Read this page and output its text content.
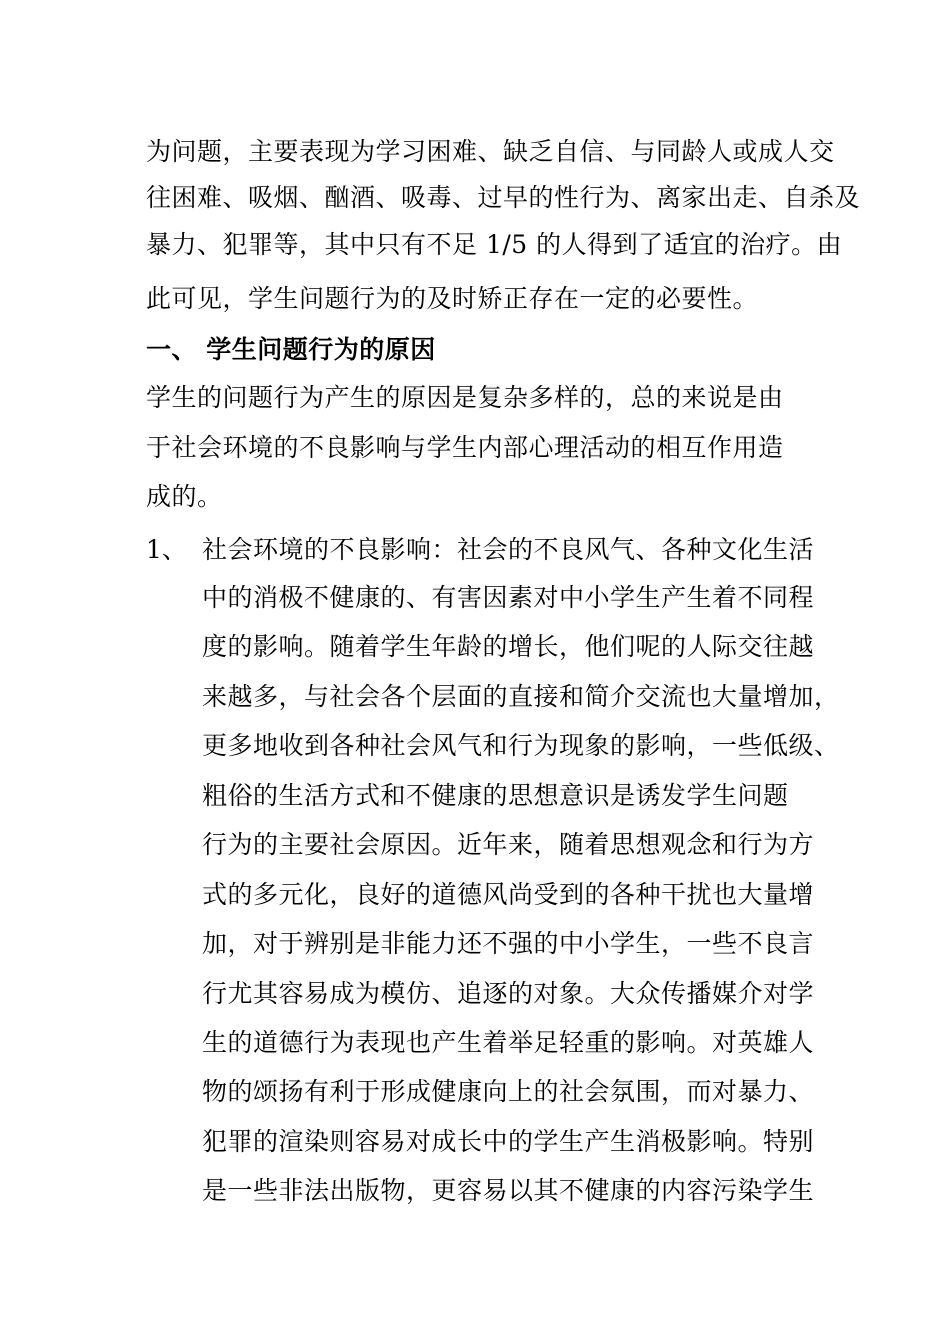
为问题，主要表现为学习困难、缺乏自信、与同龄人或成人交
往困难、吸烟、酗酒、吸毒、过早的性行为、离家出走、自杀及
暴力、犯罪等，其中只有不足 1/5 的人得到了适宜的治疗。由
此可见，学生问题行为的及时矫正存在一定的必要性。
一、 学生问题行为的原因
学生的问题行为产生的原因是复杂多样的，总的来说是由
于社会环境的不良影响与学生内部心理活动的相互作用造
成的。
1、 社会环境的不良影响：社会的不良风气、各种文化生活
中的消极不健康的、有害因素对中小学生产生着不同程
度的影响。随着学生年龄的增长，他们呢的人际交往越
来越多，与社会各个层面的直接和简介交流也大量增加，
更多地收到各种社会风气和行为现象的影响，一些低级、
粗俗的生活方式和不健康的思想意识是诱发学生问题
行为的主要社会原因。近年来，随着思想观念和行为方
式的多元化，良好的道德风尚受到的各种干扰也大量增
加，对于辨别是非能力还不强的中小学生，一些不良言
行尤其容易成为模仿、追逐的对象。大众传播媒介对学
生的道德行为表现也产生着举足轻重的影响。对英雄人
物的颂扬有利于形成健康向上的社会氛围，而对暴力、
犯罪的渲染则容易对成长中的学生产生消极影响。特别
是一些非法出版物，更容易以其不健康的内容污染学生
